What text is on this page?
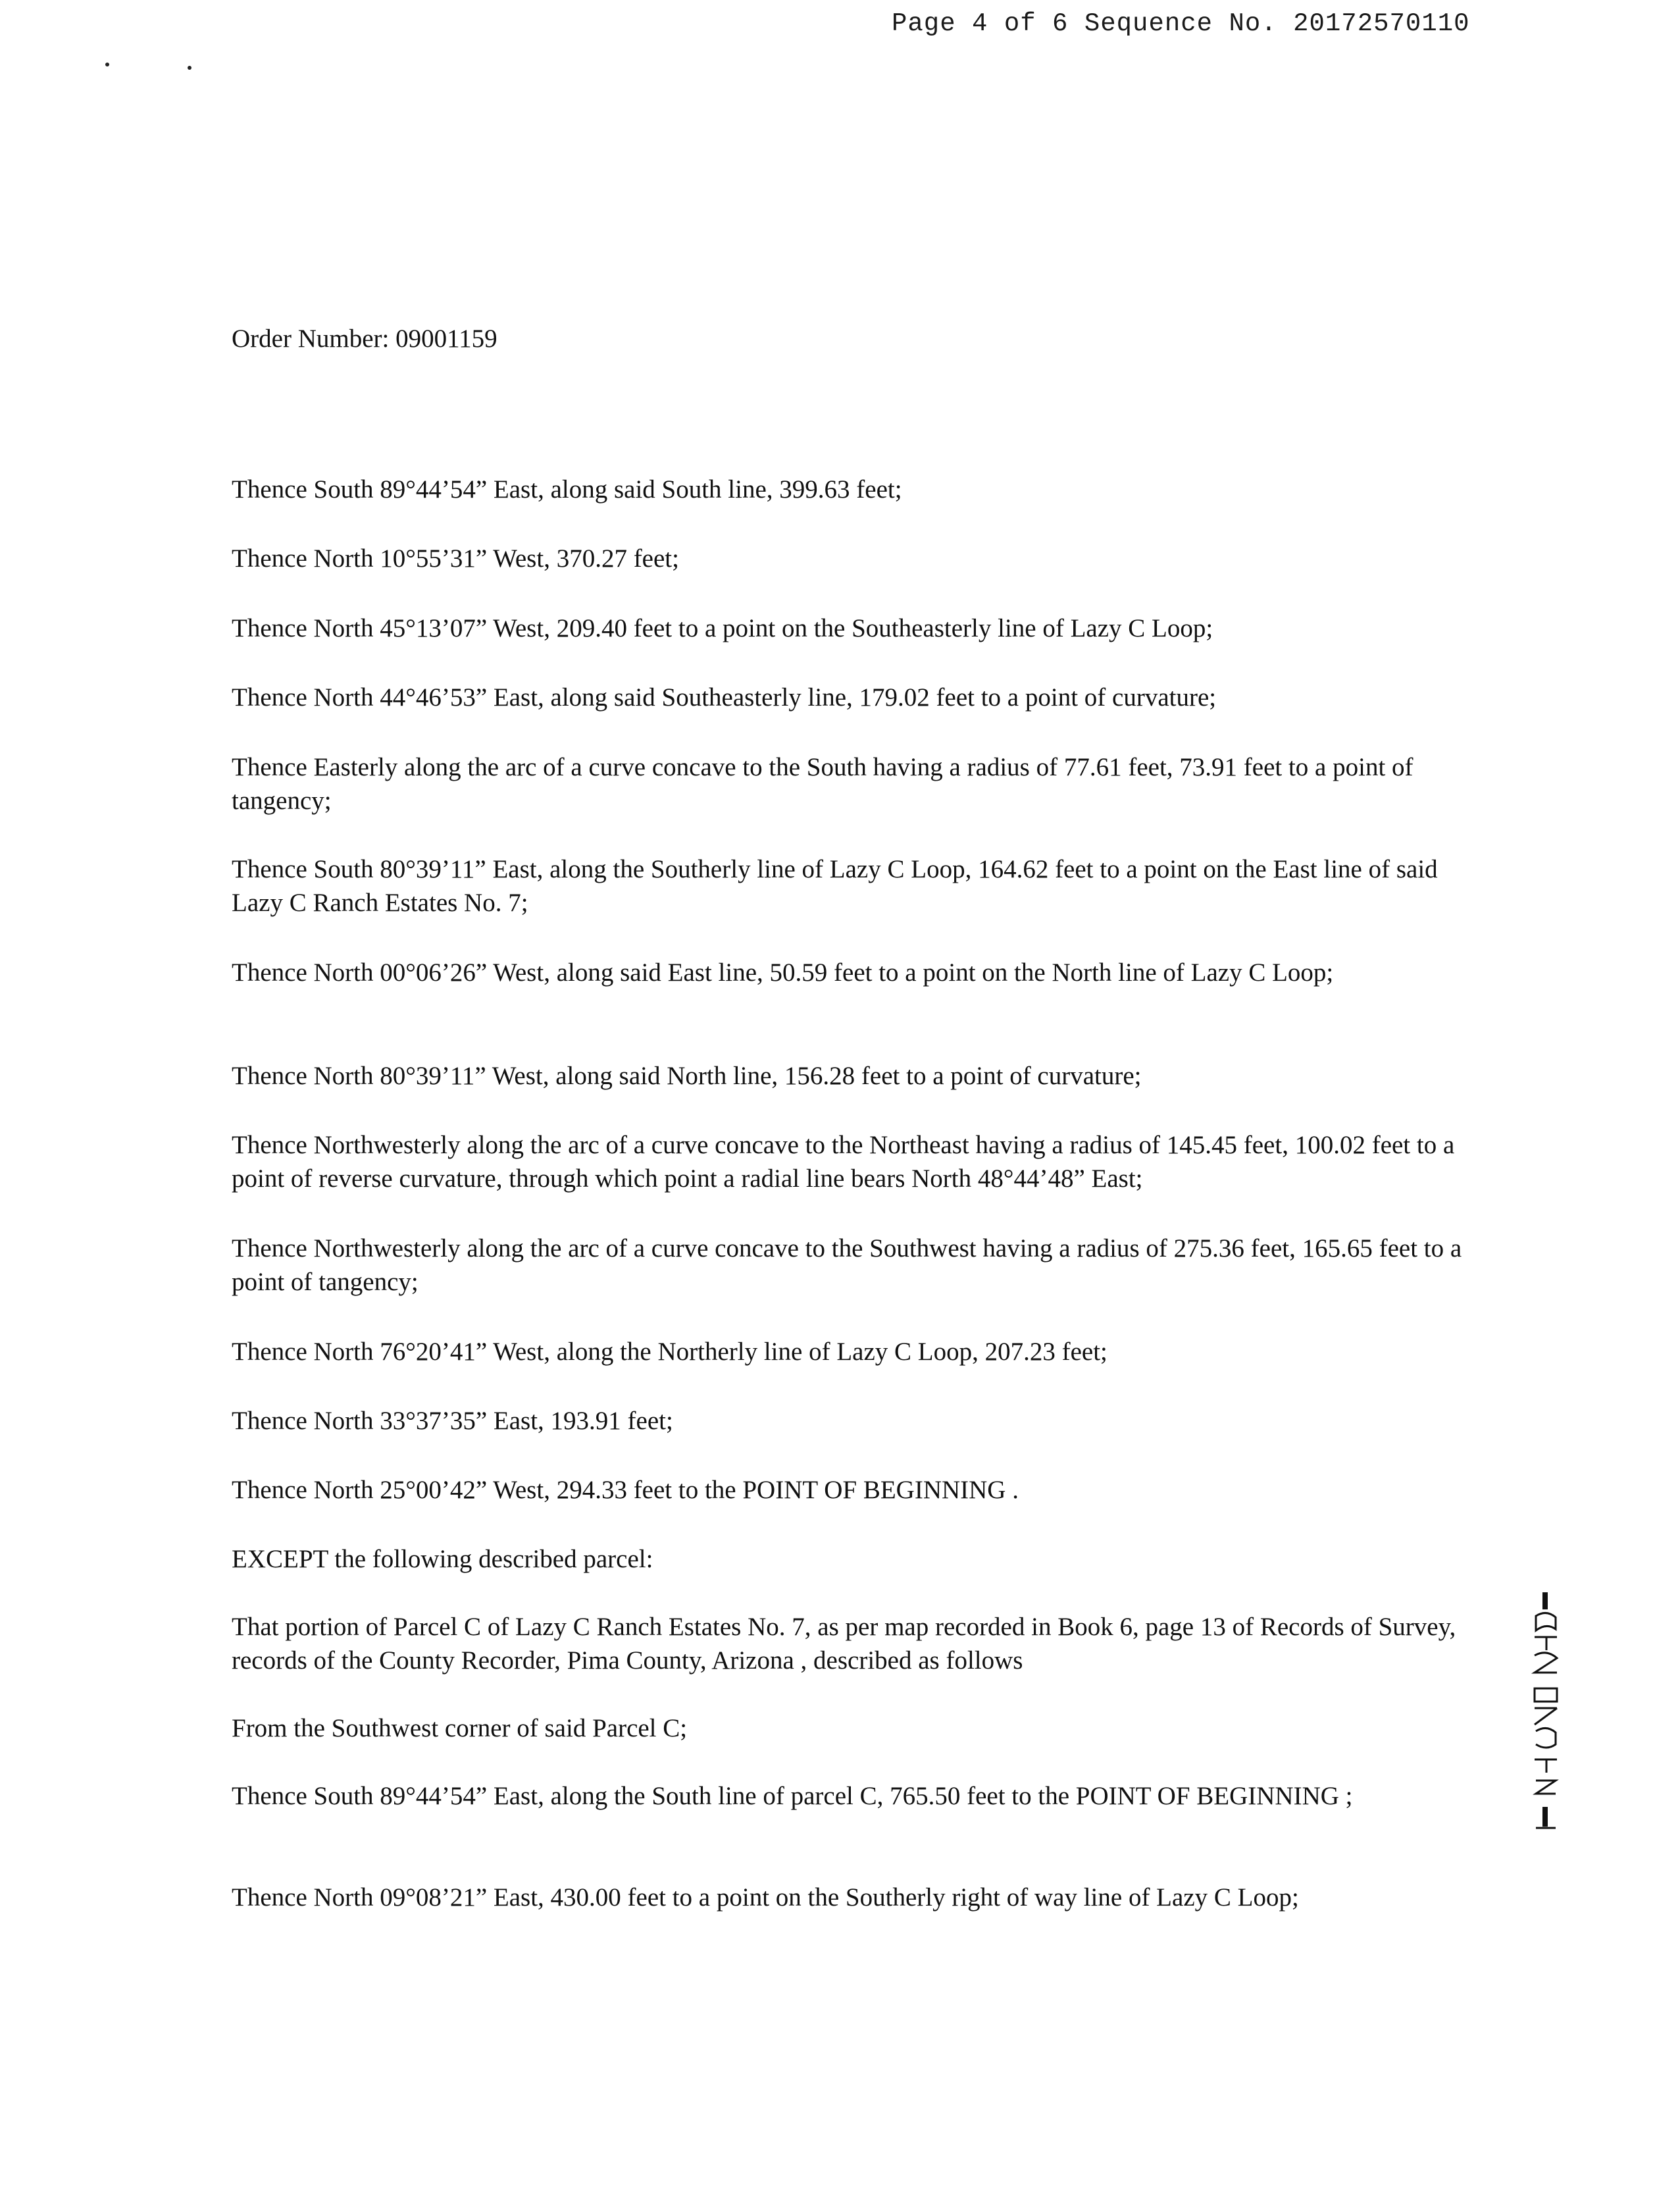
Page 4 of 6 Sequence No. 20172570110
Order Number: 09001159

Thence South 89°44’54” East, along said South line, 399.63 feet;

Thence North 10°55’31” West, 370.27 feet;

Thence North 45°13’07” West, 209.40 feet to a point on the Southeasterly line of Lazy C Loop;

Thence North 44°46’53” East, along said Southeasterly line, 179.02 feet to a point of curvature;

Thence Easterly along the arc of a curve concave to the South having a radius of 77.61 feet, 73.91 feet to a point of tangency;

Thence South 80°39’11” East, along the Southerly line of Lazy C Loop, 164.62 feet to a point on the East line of said Lazy C Ranch Estates No. 7;

Thence North 00°06’26” West, along said East line, 50.59 feet to a point on the North line of Lazy C Loop;

Thence North 80°39’11” West, along said North line, 156.28 feet to a point of curvature;

Thence Northwesterly along the arc of a curve concave to the Northeast having a radius of 145.45 feet, 100.02 feet to a point of reverse curvature, through which point a radial line bears North 48°44’48” East;

Thence Northwesterly along the arc of a curve concave to the Southwest having a radius of 275.36 feet, 165.65 feet to a point of tangency;

Thence North 76°20’41” West, along the Northerly line of Lazy C Loop, 207.23 feet;

Thence North 33°37’35” East, 193.91 feet;

Thence North 25°00’42” West, 294.33 feet to the POINT OF BEGINNING .

EXCEPT the following described parcel:

That portion of Parcel C of Lazy C Ranch Estates No. 7, as per map recorded in Book 6, page 13 of Records of Survey, records of the County Recorder, Pima County, Arizona , described as follows

From the Southwest corner of said Parcel C;

Thence South 89°44’54” East, along the South line of parcel C, 765.50 feet to the POINT OF BEGINNING ;

Thence North 09°08’21” East, 430.00 feet to a point on the Southerly right of way line of Lazy C Loop;
